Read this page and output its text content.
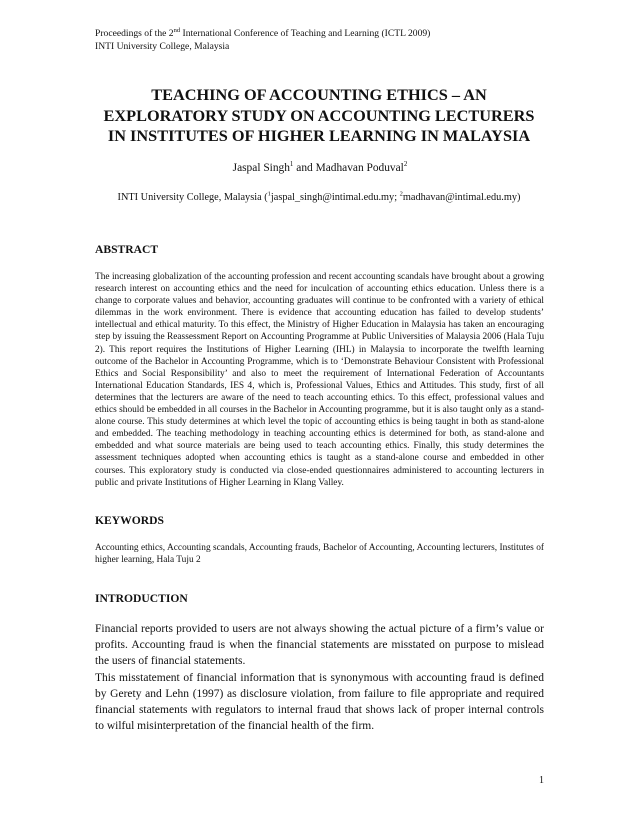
Proceedings of the 2nd International Conference of Teaching and Learning (ICTL 2009)
INTI University College, Malaysia
TEACHING OF ACCOUNTING ETHICS – AN
EXPLORATORY STUDY ON ACCOUNTING LECTURERS
IN INSTITUTES OF HIGHER LEARNING IN MALAYSIA
Jaspal Singh$^1$ and Madhavan Poduval$^2$
INTI University College, Malaysia ($^1$jaspal_singh@intimal.edu.my; $^2$madhavan@intimal.edu.my)
ABSTRACT

The increasing globalization of the accounting profession and recent accounting scandals have brought about a growing research interest on accounting ethics and the need for inculcation of accounting ethics education. Unless there is a change to corporate values and behavior, accounting graduates will continue to be confronted with a variety of ethical dilemmas in the work environment. There is evidence that accounting education has failed to develop students’ intellectual and ethical maturity. To this effect, the Ministry of Higher Education in Malaysia has taken an encouraging step by issuing the Reassessment Report on Accounting Programme at Public Universities of Malaysia 2006 (Hala Tuju 2). This report requires the Institutions of Higher Learning (IHL) in Malaysia to incorporate the twelfth learning outcome of the Bachelor in Accounting Programme, which is to ‘Demonstrate Behaviour Consistent with Professional Ethics and Social Responsibility’ and also to meet the requirement of International Federation of Accountants International Education Standards, IES 4, which is, Professional Values, Ethics and Attitudes. This study, first of all determines that the lecturers are aware of the need to teach accounting ethics. To this effect, professional values and ethics should be embedded in all courses in the Bachelor in Accounting programme, but it is also taught only as a stand-alone course. This study determines at which level the topic of accounting ethics is being taught in both as stand-alone and embedded. The teaching methodology in teaching accounting ethics is determined for both, as stand-alone and embedded and what source materials are being used to teach accounting ethics. Finally, this study determines the assessment techniques adopted when accounting ethics is taught as a stand-alone course and embedded in other courses. This exploratory study is conducted via close-ended questionnaires administered to accounting lecturers in public and private Institutions of Higher Learning in Klang Valley.

KEYWORDS

Accounting ethics, Accounting scandals, Accounting frauds, Bachelor of Accounting, Accounting lecturers, Institutes of higher learning, Hala Tuju 2

INTRODUCTION

Financial reports provided to users are not always showing the actual picture of a firm’s value or profits. Accounting fraud is when the financial statements are misstated on purpose to mislead the users of financial statements.

This misstatement of financial information that is synonymous with accounting fraud is defined by Gerety and Lehn (1997) as disclosure violation, from failure to file appropriate and required financial statements with regulators to internal fraud that shows lack of proper internal controls to wilful misinterpretation of the financial health of the firm.

1
